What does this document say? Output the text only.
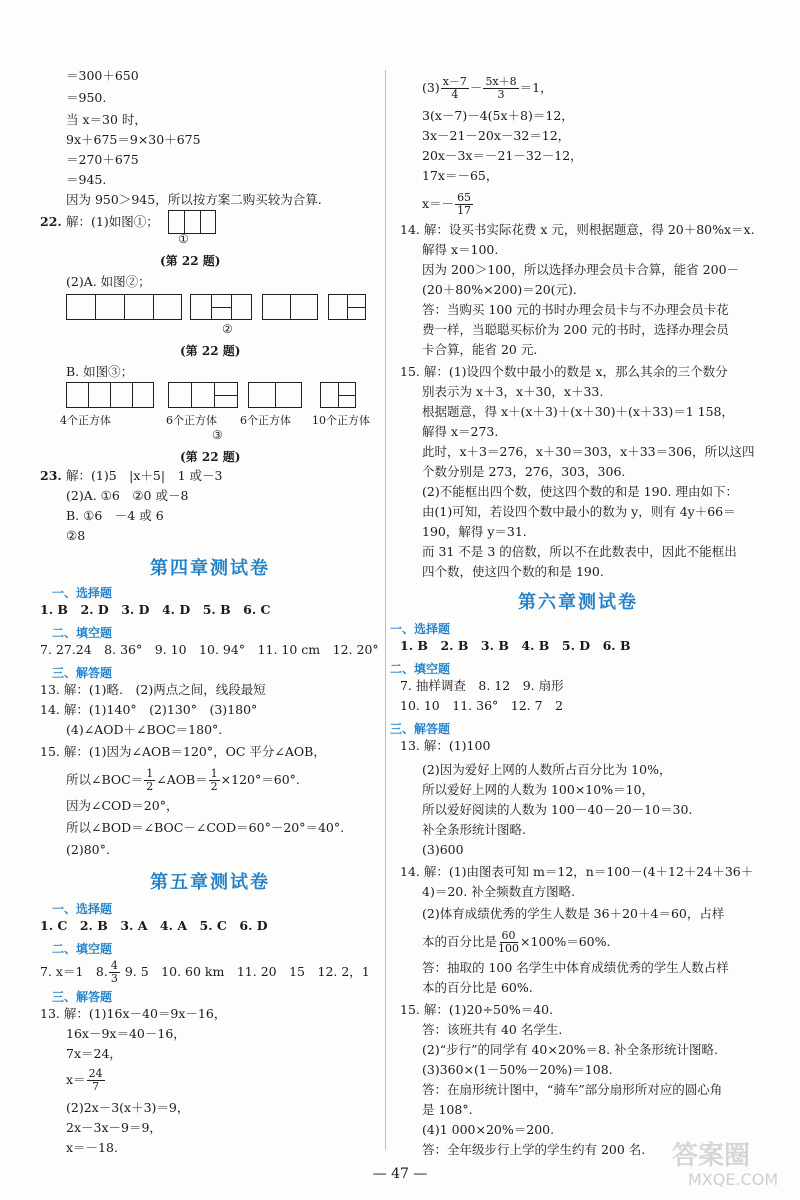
＝300＋650
＝950.
当 x＝30 时，
9x＋675＝9×30＋675
＝270＋675
＝945.
因为 950＞945，所以按方案二购买较为合算.
22. 解：(1)如图①；
①
(第 22 题)
(2)A. 如图②；
②
(第 22 题)
B. 如图③；
4个正方体	6个正方体 6个正方体 10个正方体
③
(第 22 题)
23. 解：(1)5　|x＋5|　1 或－3
(2)A. ①6　②0 或－8
B. ①6　－4 或 6
②8
第四章测试卷
一、选择题
1. B　2. D　3. D　4. D　5. B　6. C
二、填空题
7. 27.24　8. 36°　9. 10　10. 94°　11. 10 cm　12. 20°
三、解答题
13. 解：(1)略.　(2)两点之间，线段最短
14. 解：(1)140°　(2)130°　(3)180°
(4)∠AOD＋∠BOC＝180°.
15. 解：(1)因为∠AOB＝120°，OC 平分∠AOB，
所以∠BOC＝ $\frac{1}{2}$ ∠AOB＝ $\frac{1}{2} \times 120^\circ=60^\circ$.
因为∠COD＝20°，
所以∠BOD＝∠BOC－∠COD＝60°－20°＝40°.
(2)80°.
第五章测试卷
一、选择题
1. C　2. B　3. A　4. A　5. C　6. D
二、填空题
7. x＝1　8. $\frac{4}{3} 9$. 5　10. 60 km　11. 20　15　12. 2，1
三、解答题
13. 解：(1)16x－40＝9x－16，
16x－9x＝40－16，
7x＝24，
$x= \frac{24}{7}$
(2)2x－3(x＋3)＝9，
2x－3x－9＝9，
x＝－18.
$(3) \frac{x-7}{4} - \frac{5x+8}{3} =1$，
3(x－7)－4(5x＋8)＝12，
3x－21－20x－32＝12，
20x－3x＝－21－32－12，
17x＝－65，
$x=- \frac{65}{17}$
14. 解：设买书实际花费 x 元，则根据题意，得 20＋80%x＝x.
解得 x＝100.
因为 200＞100，所以选择办理会员卡合算，能省 200－
(20＋80%×200)＝20(元).
答：当购买 100 元的书时办理会员卡与不办理会员卡花
费一样，当聪聪买标价为 200 元的书时，选择办理会员
卡合算，能省 20 元.
15. 解：(1)设四个数中最小的数是 x，那么其余的三个数分
别表示为 x＋3，x＋30，x＋33.
根据题意，得 x＋(x＋3)＋(x＋30)＋(x＋33)＝1 158，
解得 x＝273.
此时，x＋3＝276，x＋30＝303，x＋33＝306，所以这四
个数分别是 273，276，303，306.
(2)不能框出四个数，使这四个数的和是 190. 理由如下：
由(1)可知，若设四个数中最小的数为 y，则有 4y＋66＝
190，解得 y＝31.
而 31 不是 3 的倍数，所以不在此数表中，因此不能框出
四个数，使这四个数的和是 190.
第六章测试卷
一、选择题
1. B　2. B　3. B　4. B　5. D　6. B
二、填空题
7. 抽样调查　8. 12　9. 扇形
10. 10　11. 36°　12. 7　2
三、解答题
13. 解：(1)100
(2)因为爱好上网的人数所占百分比为 10%，
所以爱好上网的人数为 100×10%＝10，
所以爱好阅读的人数为 100－40－20－10＝30.
补全条形统计图略.
(3)600
14. 解：(1)由图表可知 m＝12，n＝100－(4＋12＋24＋36＋
4)＝20. 补全频数直方图略.
(2)体育成绩优秀的学生人数是 36＋20＋4＝60，占样
本的百分比是 $\frac{60}{100} \times 100\%=60\%$.
答：抽取的 100 名学生中体育成绩优秀的学生人数占样
本的百分比是 60%.
15. 解：(1)20÷50%＝40.
答：该班共有 40 名学生.
(2)“步行”的同学有 40×20%＝8. 补全条形统计图略.
(3)360×(1－50%－20%)＝108.
答：在扇形统计图中，“骑车”部分扇形所对应的圆心角
是 108°.
(4)1 000×20%＝200.
答：全年级步行上学的学生约有 200 名.
— 47 —
答案圈
MXQE.COM
